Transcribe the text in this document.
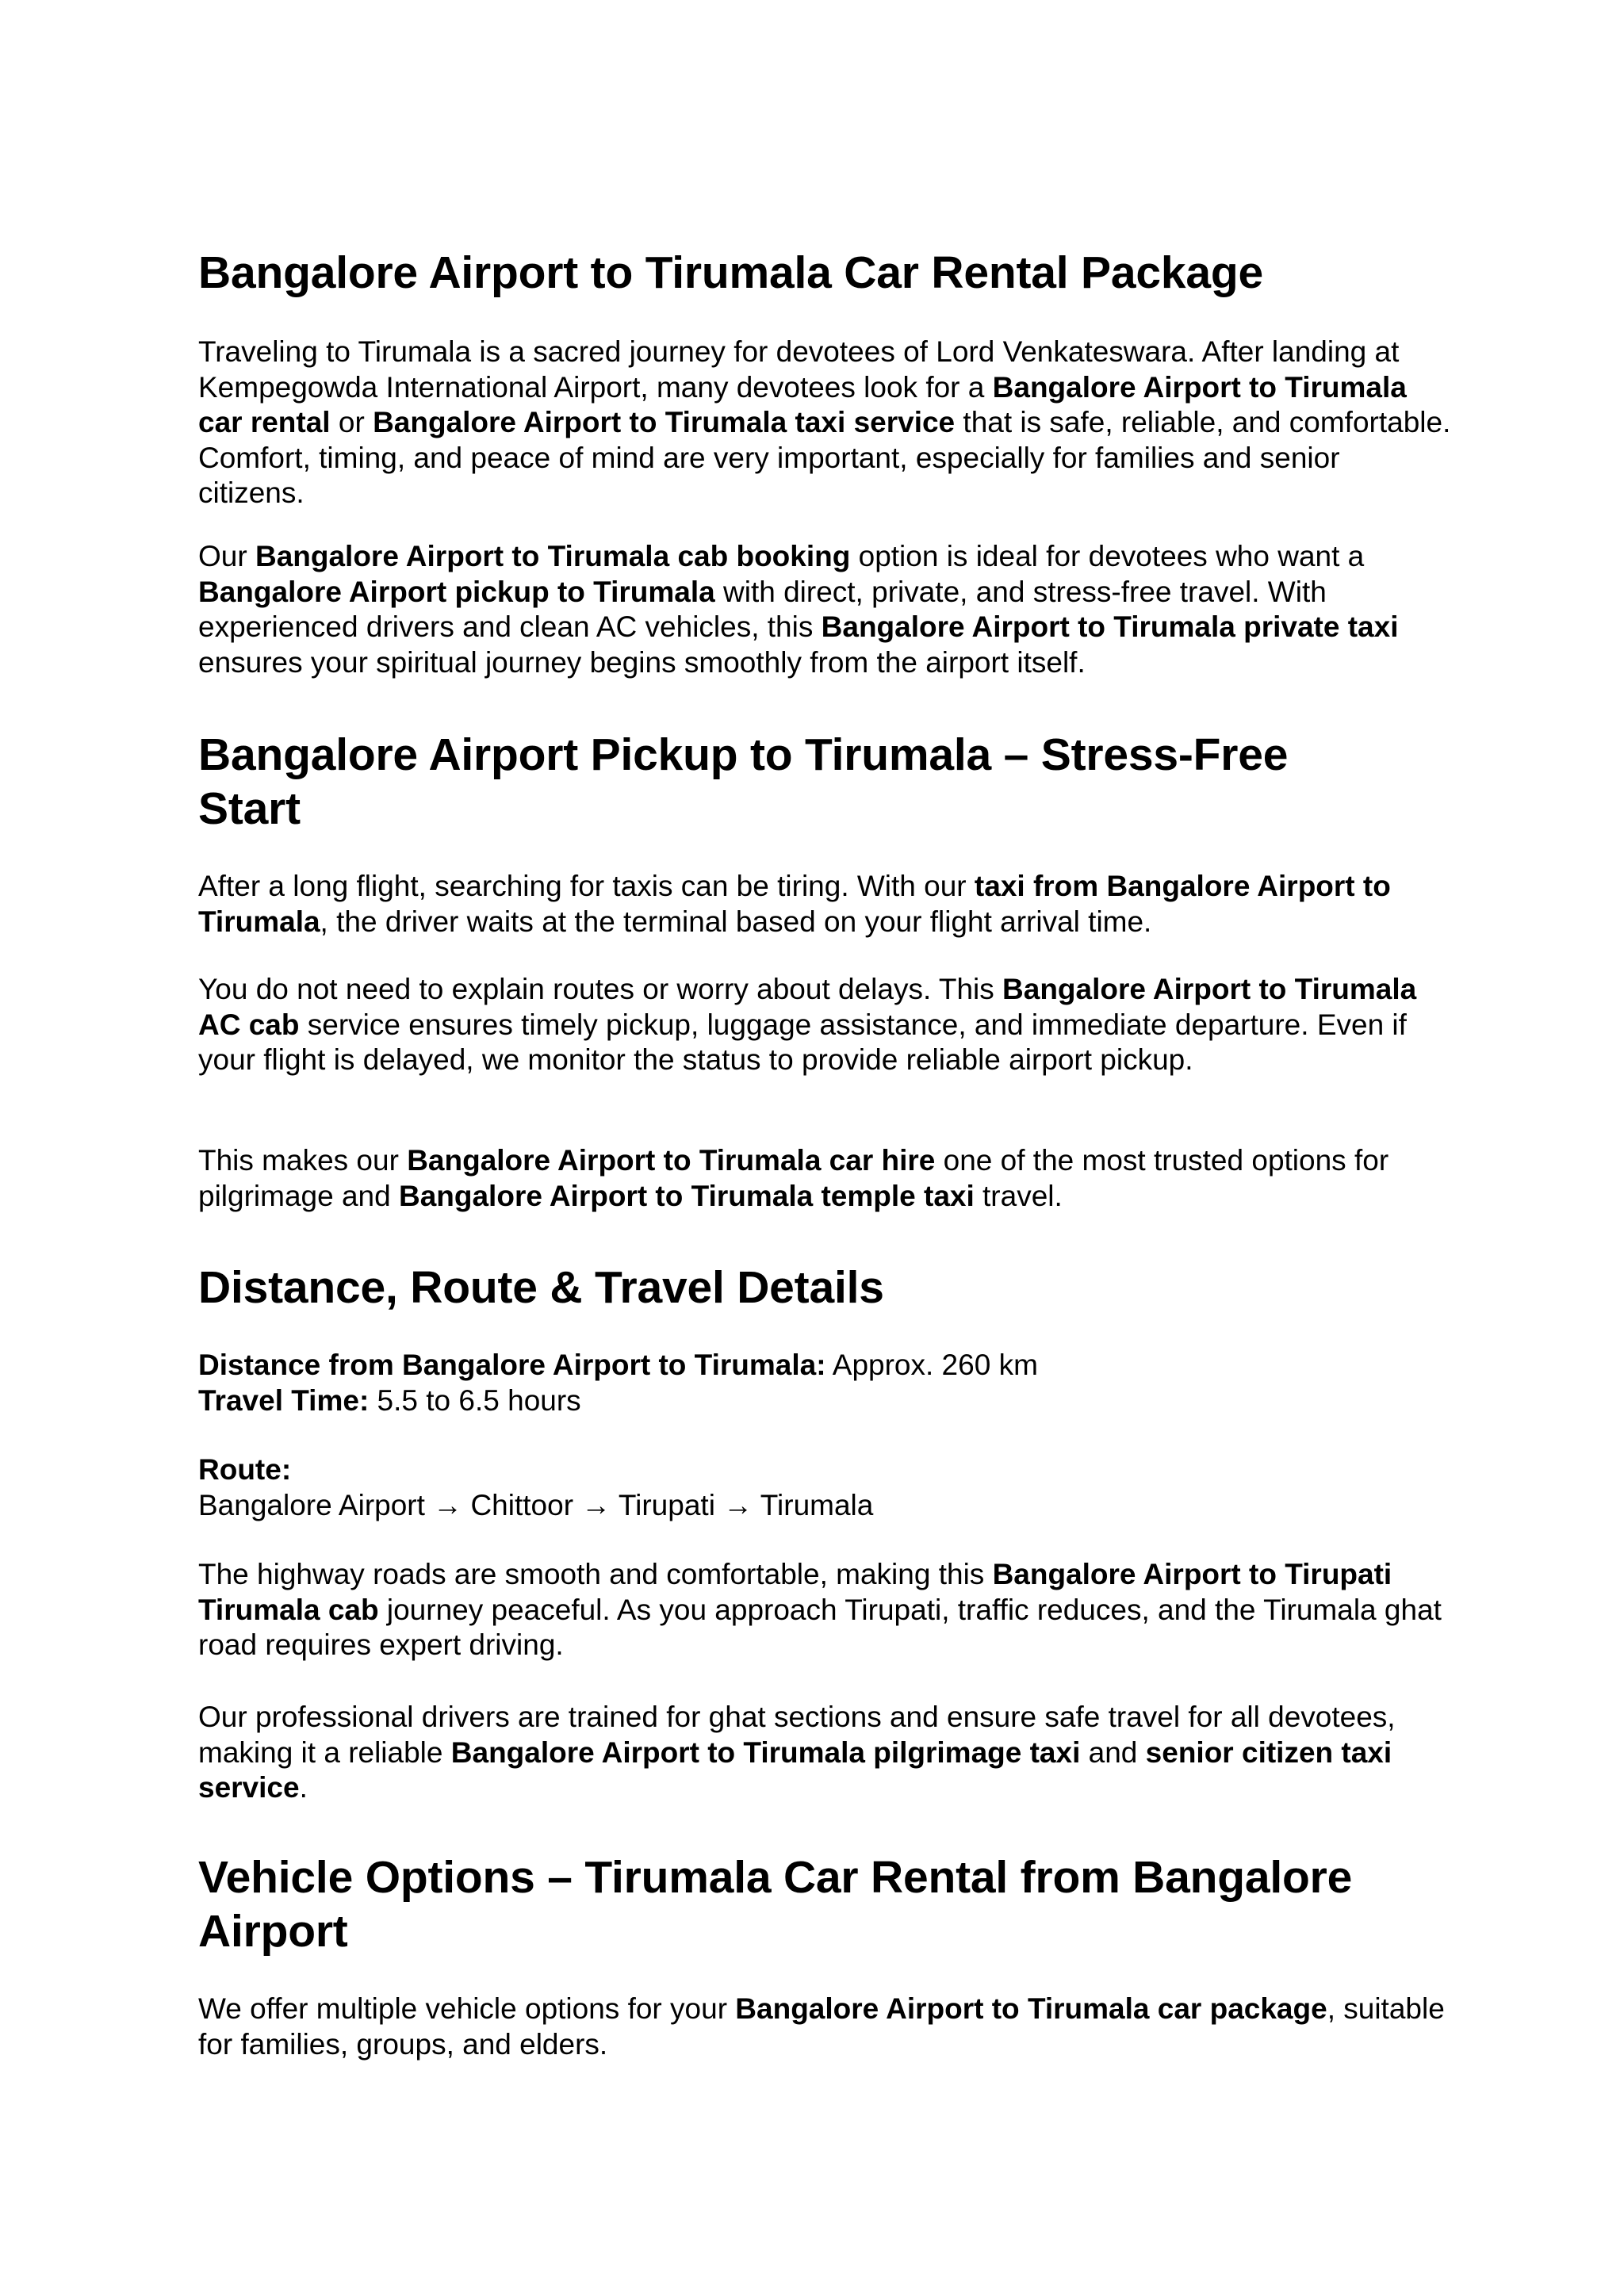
Bangalore Airport to Tirumala Car Rental Package

Traveling to Tirumala is a sacred journey for devotees of Lord Venkateswara. After landing at Kempegowda International Airport, many devotees look for a Bangalore Airport to Tirumala car rental or Bangalore Airport to Tirumala taxi service that is safe, reliable, and comfortable. Comfort, timing, and peace of mind are very important, especially for families and senior citizens.

Our Bangalore Airport to Tirumala cab booking option is ideal for devotees who want a Bangalore Airport pickup to Tirumala with direct, private, and stress-free travel. With experienced drivers and clean AC vehicles, this Bangalore Airport to Tirumala private taxi ensures your spiritual journey begins smoothly from the airport itself.

Bangalore Airport Pickup to Tirumala – Stress-Free Start

After a long flight, searching for taxis can be tiring. With our taxi from Bangalore Airport to Tirumala, the driver waits at the terminal based on your flight arrival time.

You do not need to explain routes or worry about delays. This Bangalore Airport to Tirumala AC cab service ensures timely pickup, luggage assistance, and immediate departure. Even if your flight is delayed, we monitor the status to provide reliable airport pickup.

This makes our Bangalore Airport to Tirumala car hire one of the most trusted options for pilgrimage and Bangalore Airport to Tirumala temple taxi travel.

Distance, Route & Travel Details

Distance from Bangalore Airport to Tirumala: Approx. 260 km
Travel Time: 5.5 to 6.5 hours

Route:
Bangalore Airport → Chittoor → Tirupati → Tirumala

The highway roads are smooth and comfortable, making this Bangalore Airport to Tirupati Tirumala cab journey peaceful. As you approach Tirupati, traffic reduces, and the Tirumala ghat road requires expert driving.

Our professional drivers are trained for ghat sections and ensure safe travel for all devotees, making it a reliable Bangalore Airport to Tirumala pilgrimage taxi and senior citizen taxi service.

Vehicle Options – Tirumala Car Rental from Bangalore Airport

We offer multiple vehicle options for your Bangalore Airport to Tirumala car package, suitable for families, groups, and elders.
